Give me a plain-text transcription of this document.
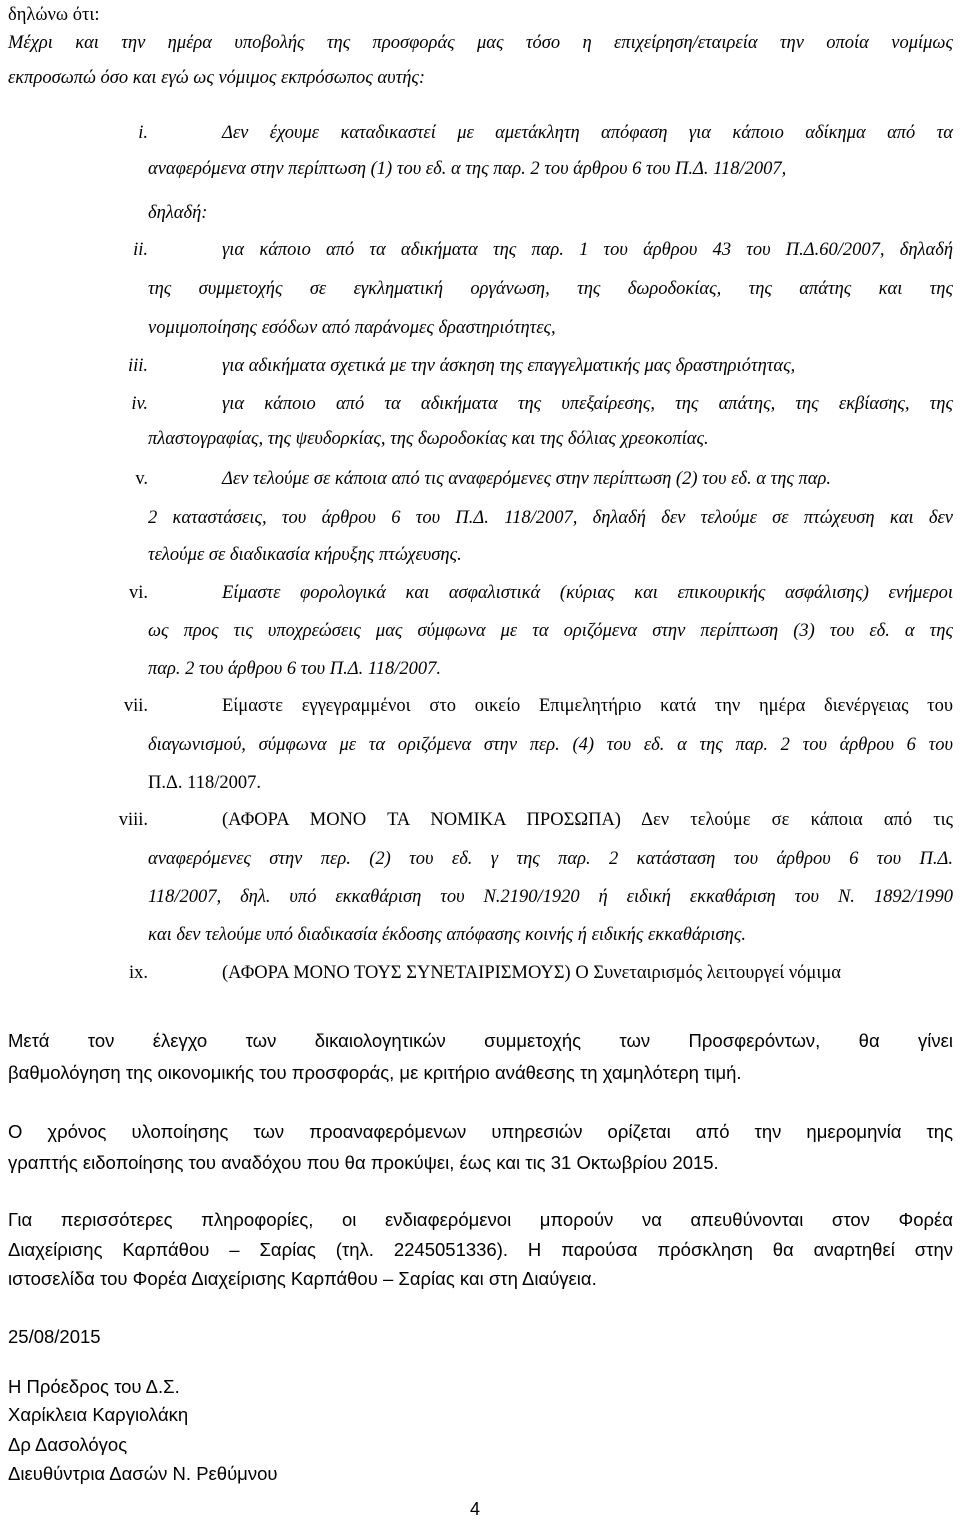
δηλώνω ότι:
Μέχρι και την ημέρα υποβολής της προσφοράς μας τόσο η επιχείρηση/εταιρεία την οποία νομίμως
εκπροσωπώ όσο και εγώ ως νόμιμος εκπρόσωπος αυτής:
i.	Δεν έχουμε καταδικαστεί με αμετάκλητη απόφαση για κάποιο αδίκημα από τα
αναφερόμενα στην περίπτωση (1) του εδ. α της παρ. 2 του άρθρου 6 του Π.Δ. 118/2007,
δηλαδή:
ii.	για κάποιο από τα αδικήματα της παρ. 1 του άρθρου 43 του Π.Δ.60/2007, δηλαδή
της συμμετοχής σε εγκληματική οργάνωση, της δωροδοκίας, της απάτης και της
νομιμοποίησης εσόδων από παράνομες δραστηριότητες,
iii.	για αδικήματα σχετικά με την άσκηση της επαγγελματικής μας δραστηριότητας,
iv.	για κάποιο από τα αδικήματα της υπεξαίρεσης, της απάτης, της εκβίασης, της
πλαστογραφίας, της ψευδορκίας, της δωροδοκίας και της δόλιας χρεοκοπίας.
v.	Δεν τελούμε σε κάποια από τις αναφερόμενες στην περίπτωση (2) του εδ. α της παρ.
2 καταστάσεις, του άρθρου 6 του Π.Δ. 118/2007, δηλαδή δεν τελούμε σε πτώχευση και δεν
τελούμε σε διαδικασία κήρυξης πτώχευσης.
vi.	Είμαστε φορολογικά και ασφαλιστικά (κύριας και επικουρικής ασφάλισης) ενήμεροι
ως προς τις υποχρεώσεις μας σύμφωνα με τα οριζόμενα στην περίπτωση (3) του εδ. α της
παρ. 2 του άρθρου 6 του Π.Δ. 118/2007.
vii.	Είμαστε εγγεγραμμένοι στο οικείο Επιμελητήριο κατά την ημέρα διενέργειας του
διαγωνισμού, σύμφωνα με τα οριζόμενα στην περ. (4) του εδ. α της παρ. 2 του άρθρου 6 του
Π.Δ. 118/2007.
viii.	(ΑΦΟΡΑ ΜΟΝΟ ΤΑ ΝΟΜΙΚΑ ΠΡΟΣΩΠΑ) Δεν τελούμε σε κάποια από τις
αναφερόμενες στην περ. (2) του εδ. γ της παρ. 2 κατάσταση του άρθρου 6 του Π.Δ.
118/2007, δηλ. υπό εκκαθάριση του Ν.2190/1920 ή ειδική εκκαθάριση του Ν. 1892/1990
και δεν τελούμε υπό διαδικασία έκδοσης απόφασης κοινής ή ειδικής εκκαθάρισης.
ix.	(ΑΦΟΡΑ ΜΟΝΟ ΤΟΥΣ ΣΥΝΕΤΑΙΡΙΣΜΟΥΣ) Ο Συνεταιρισμός λειτουργεί νόμιμα
Μετά τον έλεγχο των δικαιολογητικών συμμετοχής των Προσφερόντων, θα γίνει
βαθμολόγηση της οικονομικής του προσφοράς, με κριτήριο ανάθεσης τη χαμηλότερη τιμή.
Ο χρόνος υλοποίησης των προαναφερόμενων υπηρεσιών ορίζεται από την ημερομηνία της
γραπτής ειδοποίησης του αναδόχου που θα προκύψει, έως και τις 31 Οκτωβρίου 2015.
Για περισσότερες πληροφορίες, οι ενδιαφερόμενοι μπορούν να απευθύνονται στον Φορέα
Διαχείρισης Καρπάθου – Σαρίας (τηλ. 2245051336). Η παρούσα πρόσκληση θα αναρτηθεί στην
ιστοσελίδα του Φορέα Διαχείρισης Καρπάθου – Σαρίας και στη Διαύγεια.
25/08/2015
Η Πρόεδρος του Δ.Σ.
Χαρίκλεια Καργιολάκη
Δρ Δασολόγος
Διευθύντρια Δασών Ν. Ρεθύμνου
4
